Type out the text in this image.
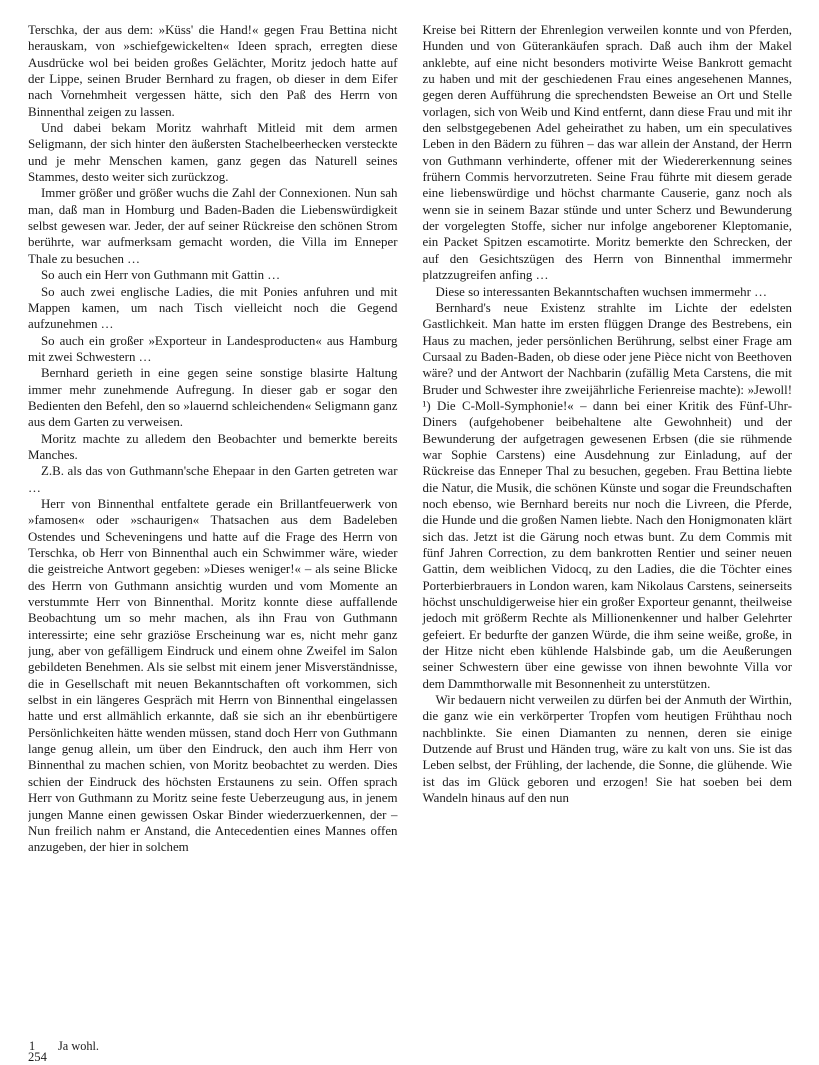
Terschka, der aus dem: »Küss' die Hand!« gegen Frau Bettina nicht herauskam, von »schiefgewickelten« Ideen sprach, erregten diese Ausdrücke wol bei beiden großes Gelächter, Moritz jedoch hatte auf der Lippe, seinen Bruder Bernhard zu fragen, ob dieser in dem Eifer nach Vornehmheit vergessen hätte, sich den Paß des Herrn von Binnenthal zeigen zu lassen.

Und dabei bekam Moritz wahrhaft Mitleid mit dem armen Seligmann, der sich hinter den äußersten Stachelbeerhecken versteckte und je mehr Menschen kamen, ganz gegen das Naturell seines Stammes, desto weiter sich zurückzog.

Immer größer und größer wuchs die Zahl der Connexionen. Nun sah man, daß man in Homburg und Baden-Baden die Liebenswürdigkeit selbst gewesen war. Jeder, der auf seiner Rückreise den schönen Strom berührte, war aufmerksam gemacht worden, die Villa im Enneper Thale zu besuchen …

So auch ein Herr von Guthmann mit Gattin …

So auch zwei englische Ladies, die mit Ponies anfuhren und mit Mappen kamen, um nach Tisch vielleicht noch die Gegend aufzunehmen …

So auch ein großer »Exporteur in Landesproducten« aus Hamburg mit zwei Schwestern …

Bernhard gerieth in eine gegen seine sonstige blasirte Haltung immer mehr zunehmende Aufregung. In dieser gab er sogar den Bedienten den Befehl, den so »lauernd schleichenden« Seligmann ganz aus dem Garten zu verweisen.

Moritz machte zu alledem den Beobachter und bemerkte bereits Manches.

Z.B. als das von Guthmann'sche Ehepaar in den Garten getreten war …

Herr von Binnenthal entfaltete gerade ein Brillantfeuerwerk von »famosen« oder »schaurigen« Thatsachen aus dem Badeleben Ostendes und Scheveningens und hatte auf die Frage des Herrn von Terschka, ob Herr von Binnenthal auch ein Schwimmer wäre, wieder die geistreiche Antwort gegeben: »Dieses weniger!« – als seine Blicke des Herrn von Guthmann ansichtig wurden und vom Momente an verstummte Herr von Binnenthal. Moritz konnte diese auffallende Beobachtung um so mehr machen, als ihn Frau von Guthmann interessirte; eine sehr graziöse Erscheinung war es, nicht mehr ganz jung, aber von gefälligem Eindruck und einem ohne Zweifel im Salon gebildeten Benehmen. Als sie selbst mit einem jener Misverständnisse, die in Gesellschaft mit neuen Bekanntschaften oft vorkommen, sich selbst in ein längeres Gespräch mit Herrn von Binnenthal eingelassen hatte und erst allmählich erkannte, daß sie sich an ihr ebenbürtigere Persönlichkeiten hätte wenden müssen, stand doch Herr von Guthmann lange genug allein, um über den Eindruck, den auch ihm Herr von Binnenthal zu machen schien, von Moritz beobachtet zu werden. Dies schien der Eindruck des höchsten Erstaunens zu sein. Offen sprach Herr von Guthmann zu Moritz seine feste Ueberzeugung aus, in jenem jungen Manne einen gewissen Oskar Binder wiederzuerkennen, der – Nun freilich nahm er Anstand, die Antecedentien eines Mannes offen anzugeben, der hier in solchem

Kreise bei Rittern der Ehrenlegion verweilen konnte und von Pferden, Hunden und von Güterankäufen sprach. Daß auch ihm der Makel anklebte, auf eine nicht besonders motivirte Weise Bankrott gemacht zu haben und mit der geschiedenen Frau eines angesehenen Mannes, gegen deren Aufführung die sprechendsten Beweise an Ort und Stelle vorlagen, sich von Weib und Kind entfernt, dann diese Frau und mit ihr den selbstgegebenen Adel geheirathet zu haben, um ein speculatives Leben in den Bädern zu führen – das war allein der Anstand, der Herrn von Guthmann verhinderte, offener mit der Wiedererkennung seines frühern Commis hervorzutreten. Seine Frau führte mit diesem gerade eine liebenswürdige und höchst charmante Causerie, ganz noch als wenn sie in seinem Bazar stünde und unter Scherz und Bewunderung der vorgelegten Stoffe, sicher nur infolge angeborener Kleptomanie, ein Packet Spitzen escamotirte. Moritz bemerkte den Schrecken, der auf den Gesichtszügen des Herrn von Binnenthal immermehr platzzugreifen anfing …

Diese so interessanten Bekanntschaften wuchsen immermehr …

Bernhard's neue Existenz strahlte im Lichte der edelsten Gastlichkeit. Man hatte im ersten flüggen Drange des Bestrebens, ein Haus zu machen, jeder persönlichen Berührung, selbst einer Frage am Cursaal zu Baden-Baden, ob diese oder jene Pièce nicht von Beethoven wäre? und der Antwort der Nachbarin (zufällig Meta Carstens, die mit Bruder und Schwester ihre zweijährliche Ferienreise machte): »Jewoll!¹) Die C-Moll-Symphonie!« – dann bei einer Kritik des Fünf-Uhr-Diners (aufgehobener beibehaltene alte Gewohnheit) und der Bewunderung der aufgetragen gewesenen Erbsen (die sie rühmende war Sophie Carstens) eine Ausdehnung zur Einladung, auf der Rückreise das Enneper Thal zu besuchen, gegeben. Frau Bettina liebte die Natur, die Musik, die schönen Künste und sogar die Freundschaften noch ebenso, wie Bernhard bereits nur noch die Livreen, die Pferde, die Hunde und die großen Namen liebte. Nach den Honigmonaten klärt sich das. Jetzt ist die Gärung noch etwas bunt. Zu dem Commis mit fünf Jahren Correction, zu dem bankrotten Rentier und seiner neuen Gattin, dem weiblichen Vidocq, zu den Ladies, die die Töchter eines Porterbierbrauers in London waren, kam Nikolaus Carstens, seinerseits höchst unschuldigerweise hier ein großer Exporteur genannt, theilweise jedoch mit größerm Rechte als Millionenkenner und halber Gelehrter gefeiert. Er bedurfte der ganzen Würde, die ihm seine weiße, große, in der Hitze nicht eben kühlende Halsbinde gab, um die Aeußerungen seiner Schwestern über eine gewisse von ihnen bewohnte Villa vor dem Dammthorwalle mit Besonnenheit zu unterstützen.

Wir bedauern nicht verweilen zu dürfen bei der Anmuth der Wirthin, die ganz wie ein verkörperter Tropfen vom heutigen Frühthau noch nachblinkte. Sie einen Diamanten zu nennen, deren sie einige Dutzende auf Brust und Händen trug, wäre zu kalt von uns. Sie ist das Leben selbst, der Frühling, der lachende, die Sonne, die glühende. Wie ist das im Glück geboren und erzogen! Sie hat soeben bei dem Wandeln hinaus auf den nun

1 Ja wohl.
254
